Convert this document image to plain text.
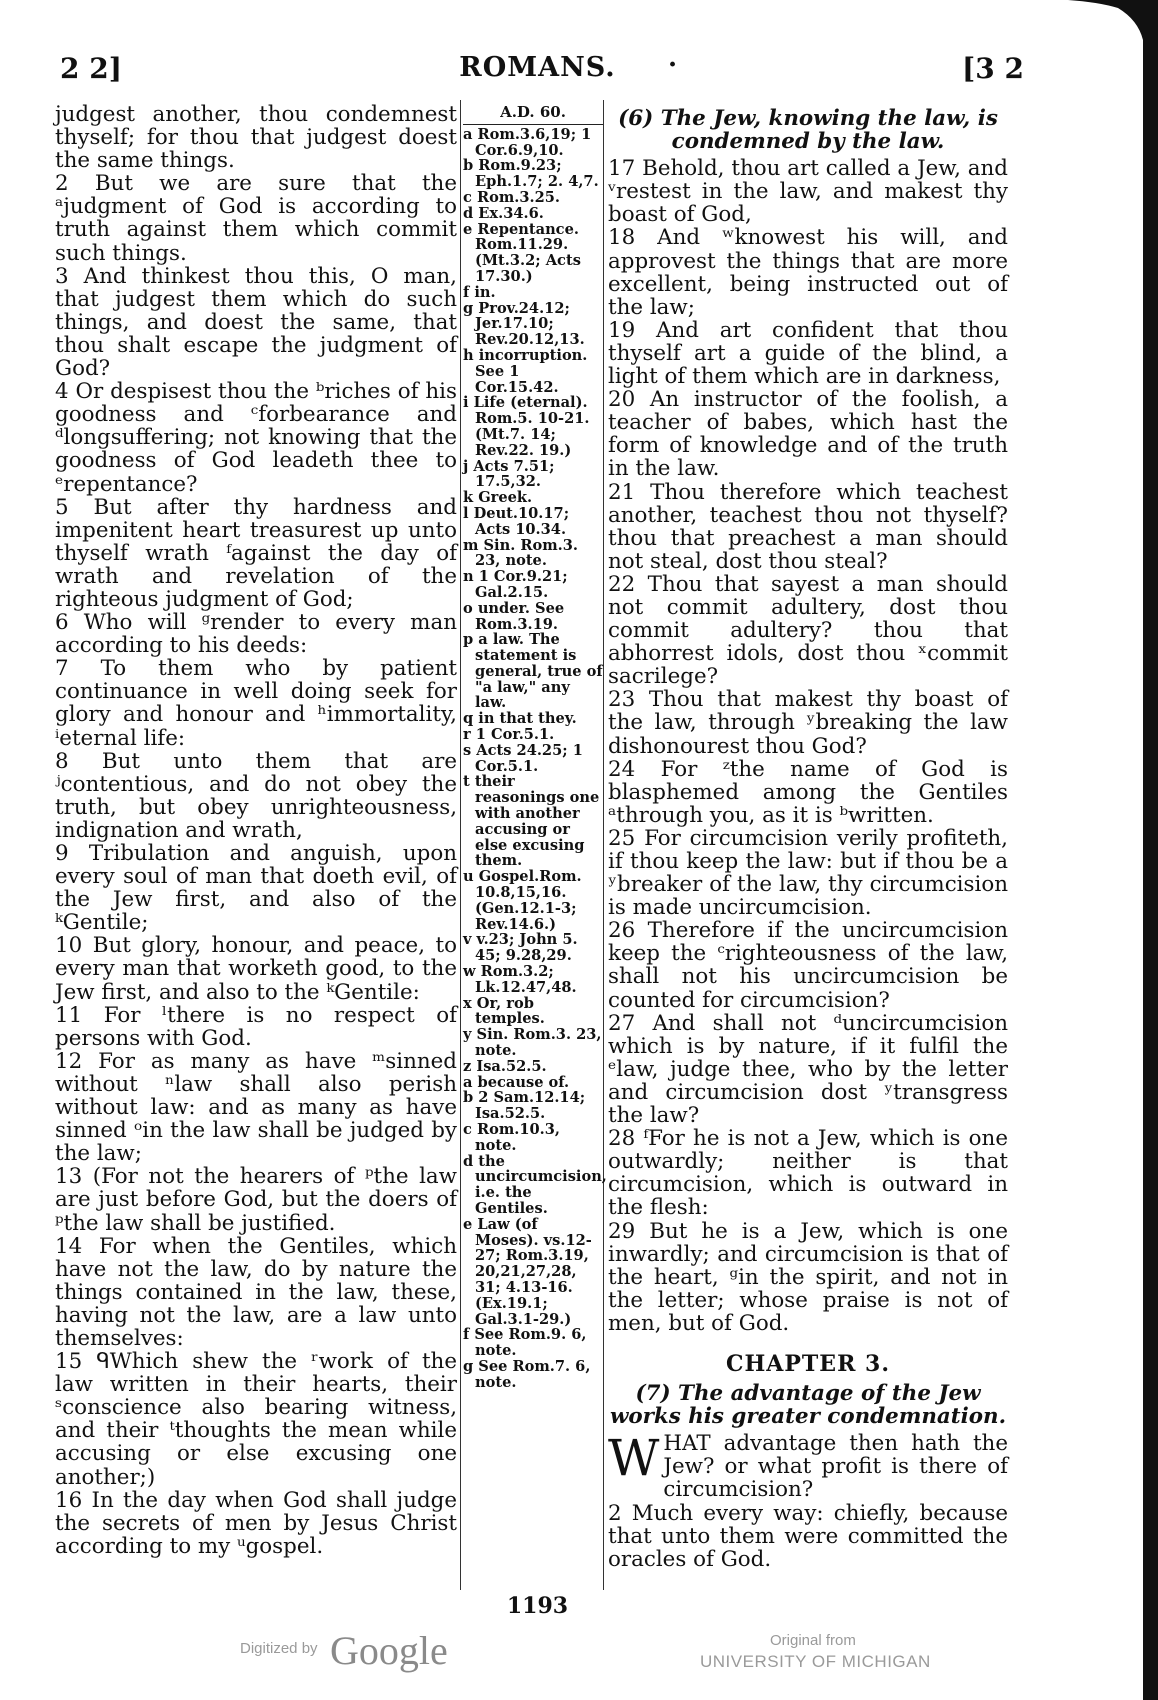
2 2]	ROMANS.	·	[3 2

judgest another, thou condemnest thyself; for thou that judgest doest the same things.

2 But we are sure that the ᵃjudgment of God is according to truth against them which commit such things.

3 And thinkest thou this, O man, that judgest them which do such things, and doest the same, that thou shalt escape the judgment of God?

4 Or despisest thou the ᵇriches of his goodness and ᶜforbearance and ᵈlongsuffering; not knowing that the goodness of God leadeth thee to ᵉrepentance?

5 But after thy hardness and impenitent heart treasurest up unto thyself wrath ᶠagainst the day of wrath and revelation of the righteous judgment of God;

6 Who will ᵍrender to every man according to his deeds:

7 To them who by patient continuance in well doing seek for glory and honour and ʰimmortality, ⁱeternal life:

8 But unto them that are ʲcontentious, and do not obey the truth, but obey unrighteousness, indignation and wrath,

9 Tribulation and anguish, upon every soul of man that doeth evil, of the Jew first, and also of the ᵏGentile;

10 But glory, honour, and peace, to every man that worketh good, to the Jew first, and also to the ᵏGentile:

11 For ˡthere is no respect of persons with God.

12 For as many as have ᵐsinned without ⁿlaw shall also perish without law: and as many as have sinned ᵒin the law shall be judged by the law;

13 (For not the hearers of ᵖthe law are just before God, but the doers of ᵖthe law shall be justified.

14 For when the Gentiles, which have not the law, do by nature the things contained in the law, these, having not the law, are a law unto themselves:

15 ᑫWhich shew the ʳwork of the law written in their hearts, their ˢconscience also bearing witness, and their ᵗthoughts the mean while accusing or else excusing one another;)

16 In the day when God shall judge the secrets of men by Jesus Christ according to my ᵘgospel.

A.D. 60.

a Rom.3.6,19; 1 Cor.6.9,10.

b Rom.9.23; Eph.1.7; 2. 4,7.

c Rom.3.25.

d Ex.34.6.

e Repentance. Rom.11.29. (Mt.3.2; Acts 17.30.)

f in.

g Prov.24.12; Jer.17.10; Rev.20.12,13.

h incorruption. See 1 Cor.15.42.

i Life (eternal). Rom.5. 10-21. (Mt.7. 14; Rev.22. 19.)

j Acts 7.51; 17.5,32.

k Greek.

l Deut.10.17; Acts 10.34.

m Sin. Rom.3. 23, note.

n 1 Cor.9.21; Gal.2.15.

o under. See Rom.3.19.

p a law. The statement is general, true of "a law," any law.

q in that they.

r 1 Cor.5.1.

s Acts 24.25; 1 Cor.5.1.

t their reasonings one with another accusing or else excusing them.

u Gospel.Rom. 10.8,15,16. (Gen.12.1-3; Rev.14.6.)

v v.23; John 5. 45; 9.28,29.

w Rom.3.2; Lk.12.47,48.

x Or, rob temples.

y Sin. Rom.3. 23, note.

z Isa.52.5.

a because of.

b 2 Sam.12.14; Isa.52.5.

c Rom.10.3, note.

d the uncircumcision, i.e. the Gentiles.

e Law (of Moses). vs.12-27; Rom.3.19, 20,21,27,28, 31; 4.13-16. (Ex.19.1; Gal.3.1-29.)

f See Rom.9. 6, note.

g See Rom.7. 6, note.

(6) The Jew, knowing the law, is condemned by the law.

17 Behold, thou art called a Jew, and ᵛrestest in the law, and makest thy boast of God,

18 And ʷknowest his will, and approvest the things that are more excellent, being instructed out of the law;

19 And art confident that thou thyself art a guide of the blind, a light of them which are in darkness,

20 An instructor of the foolish, a teacher of babes, which hast the form of knowledge and of the truth in the law.

21 Thou therefore which teachest another, teachest thou not thyself? thou that preachest a man should not steal, dost thou steal?

22 Thou that sayest a man should not commit adultery, dost thou commit adultery? thou that abhorrest idols, dost thou ˣcommit sacrilege?

23 Thou that makest thy boast of the law, through ʸbreaking the law dishonourest thou God?

24 For ᶻthe name of God is blasphemed among the Gentiles ᵃthrough you, as it is ᵇwritten.

25 For circumcision verily profiteth, if thou keep the law: but if thou be a ʸbreaker of the law, thy circumcision is made uncircumcision.

26 Therefore if the uncircumcision keep the ᶜrighteousness of the law, shall not his uncircumcision be counted for circumcision?

27 And shall not ᵈuncircumcision which is by nature, if it fulfil the ᵉlaw, judge thee, who by the letter and circumcision dost ʸtransgress the law?

28 ᶠFor he is not a Jew, which is one outwardly; neither is that circumcision, which is outward in the flesh:

29 But he is a Jew, which is one inwardly; and circumcision is that of the heart, ᵍin the spirit, and not in the letter; whose praise is not of men, but of God.

CHAPTER 3.

(7) The advantage of the Jew works his greater condemnation.

WHAT advantage then hath the Jew? or what profit is there of circumcision?

2 Much every way: chiefly, because that unto them were committed the oracles of God.

1193
Digitized by Google	Original from
UNIVERSITY OF MICHIGAN
